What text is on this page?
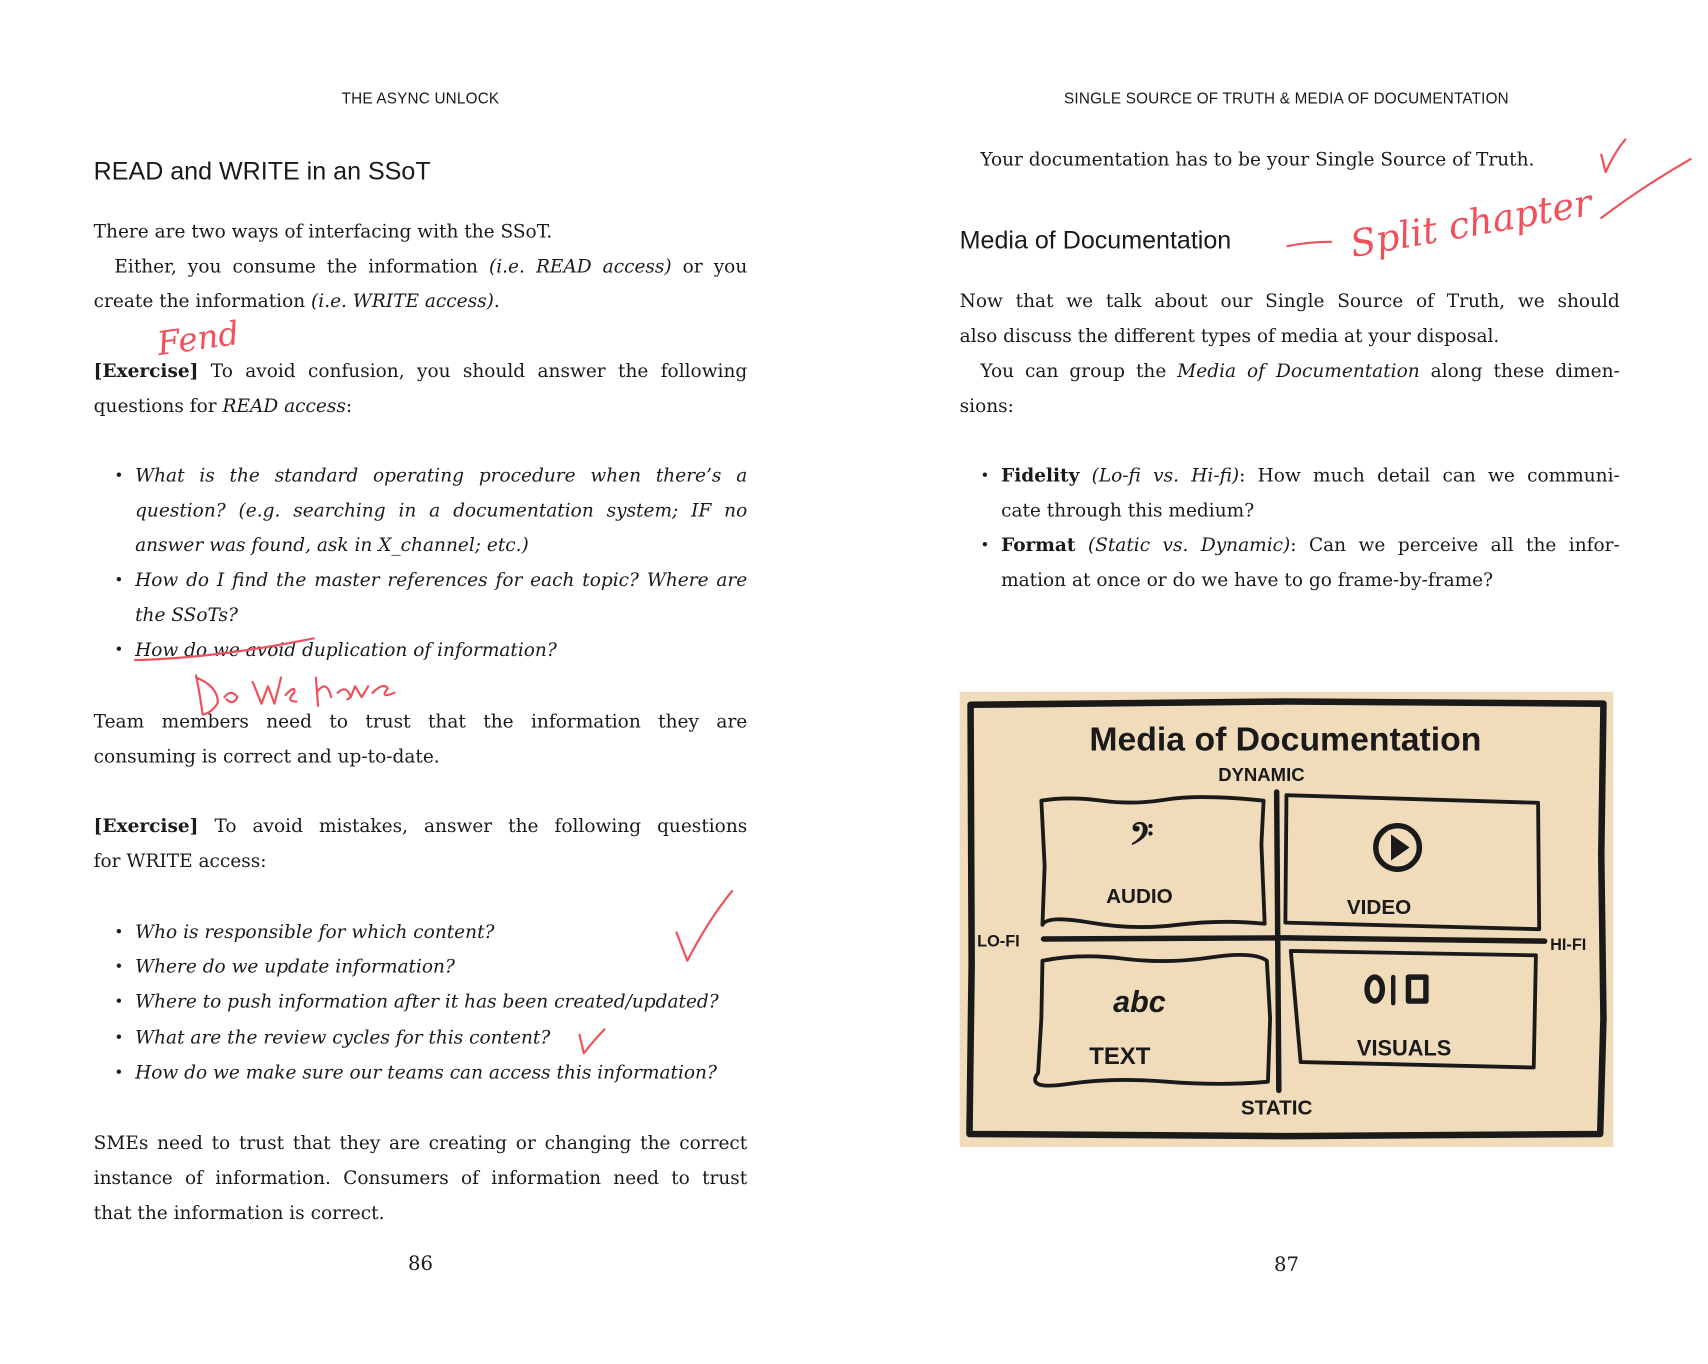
THE ASYNC UNLOCK
READ and WRITE in an SSoT
There are two ways of interfacing with the SSoT.
Either, you consume the information (i.e. READ access) or you
create the information (i.e. WRITE access).
[Exercise] To avoid confusion, you should answer the following
questions for READ access:
• What is the standard operating procedure when there’s a
question? (e.g. searching in a documentation system; IF no
answer was found, ask in X_channel; etc.)
• How do I find the master references for each topic? Where are
the SSoTs?
• How do we avoid duplication of information?
Team members need to trust that the information they are
consuming is correct and up-to-date.
[Exercise] To avoid mistakes, answer the following questions
for WRITE access:
• Who is responsible for which content?
• Where do we update information?
• Where to push information after it has been created/updated?
• What are the review cycles for this content?
• How do we make sure our teams can access this information?
SMEs need to trust that they are creating or changing the correct
instance of information. Consumers of information need to trust
that the information is correct.
86
SINGLE SOURCE OF TRUTH & MEDIA OF DOCUMENTATION
Your documentation has to be your Single Source of Truth.
Media of Documentation
Now that we talk about our Single Source of Truth, we should
also discuss the different types of media at your disposal.
You can group the Media of Documentation along these dimen-
sions:
• Fidelity (Lo-fi vs. Hi-fi): How much detail can we communi-
cate through this medium?
• Format (Static vs. Dynamic): Can we perceive all the infor-
mation at once or do we have to go frame-by-frame?
𝄢
Media of Documentation
DYNAMIC
STATIC
LO-FI	HI-FI
AUDIO	VIDEO
abc
TEXT	VISUALS
87
Fend
Split chapter
